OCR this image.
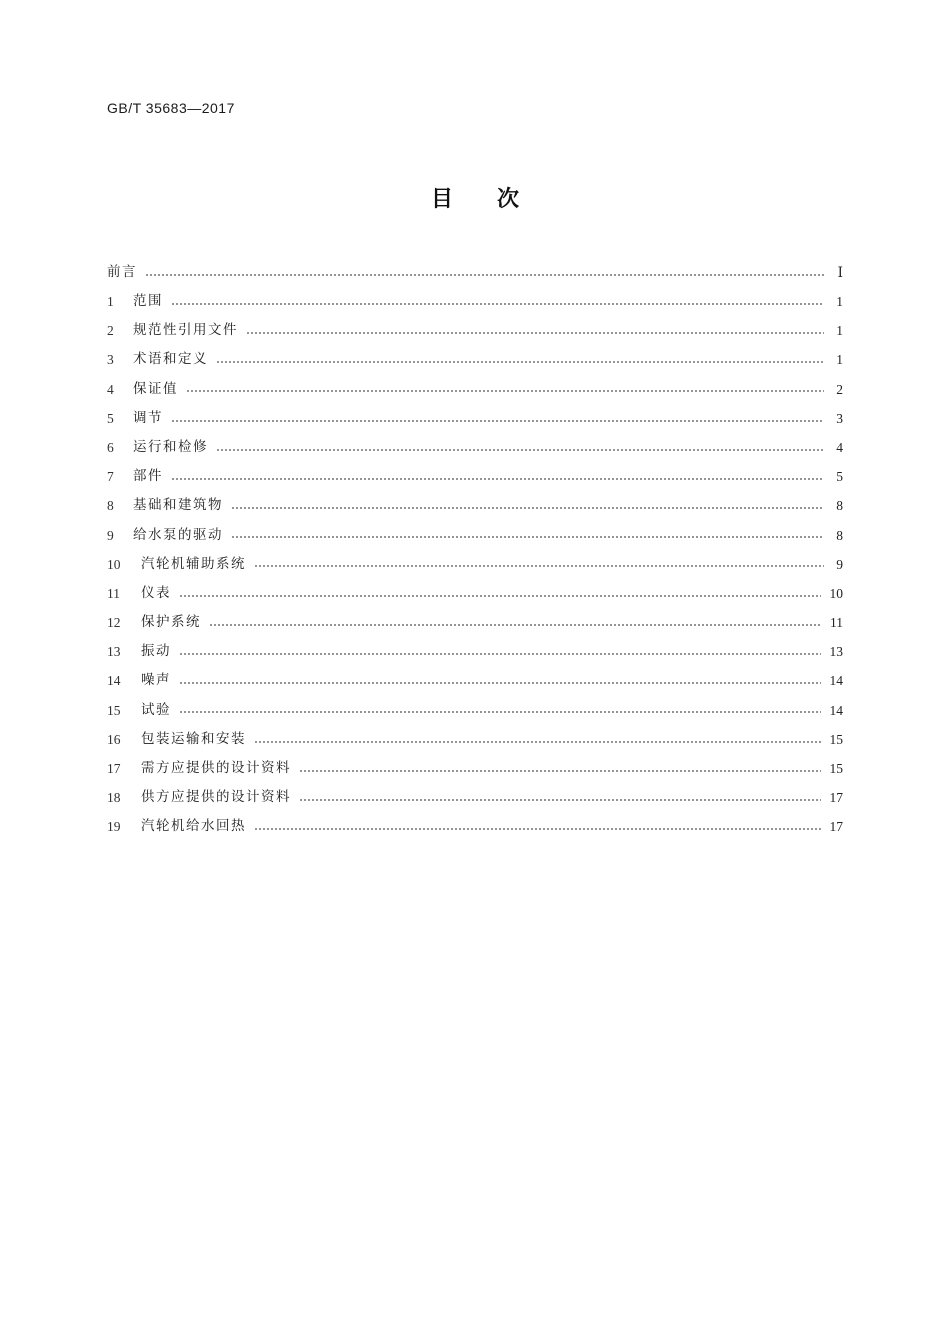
GB/T 35683—2017
目次
前言	Ⅰ
1	范围	1
2	规范性引用文件	1
3	术语和定义	1
4	保证值	2
5	调节	3
6	运行和检修	4
7	部件	5
8	基础和建筑物	8
9	给水泵的驱动	8
10	汽轮机辅助系统	9
11	仪表	10
12	保护系统	11
13	振动	13
14	噪声	14
15	试验	14
16	包装运输和安装	15
17	需方应提供的设计资料	15
18	供方应提供的设计资料	17
19	汽轮机给水回热	17
